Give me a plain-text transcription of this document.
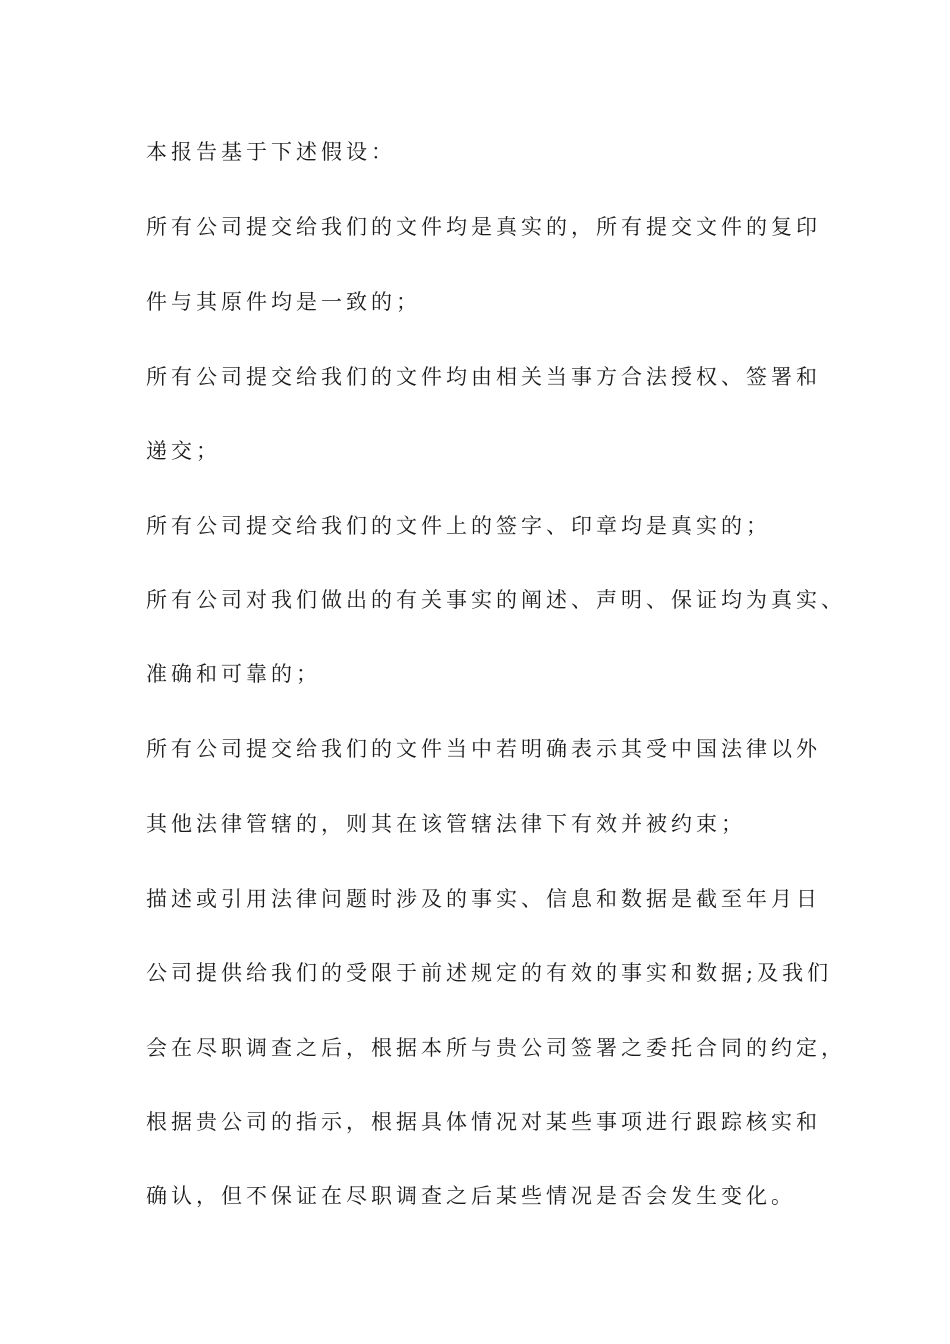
本报告基于下述假设：
所有公司提交给我们的文件均是真实的，所有提交文件的复印
件与其原件均是一致的；
所有公司提交给我们的文件均由相关当事方合法授权、签署和
递交；
所有公司提交给我们的文件上的签字、印章均是真实的；
所有公司对我们做出的有关事实的阐述、声明、保证均为真实、
准确和可靠的；
所有公司提交给我们的文件当中若明确表示其受中国法律以外
其他法律管辖的，则其在该管辖法律下有效并被约束；
描述或引用法律问题时涉及的事实、信息和数据是截至年月日
公司提供给我们的受限于前述规定的有效的事实和数据;及我们
会在尽职调查之后，根据本所与贵公司签署之委托合同的约定，
根据贵公司的指示，根据具体情况对某些事项进行跟踪核实和
确认，但不保证在尽职调查之后某些情况是否会发生变化。
